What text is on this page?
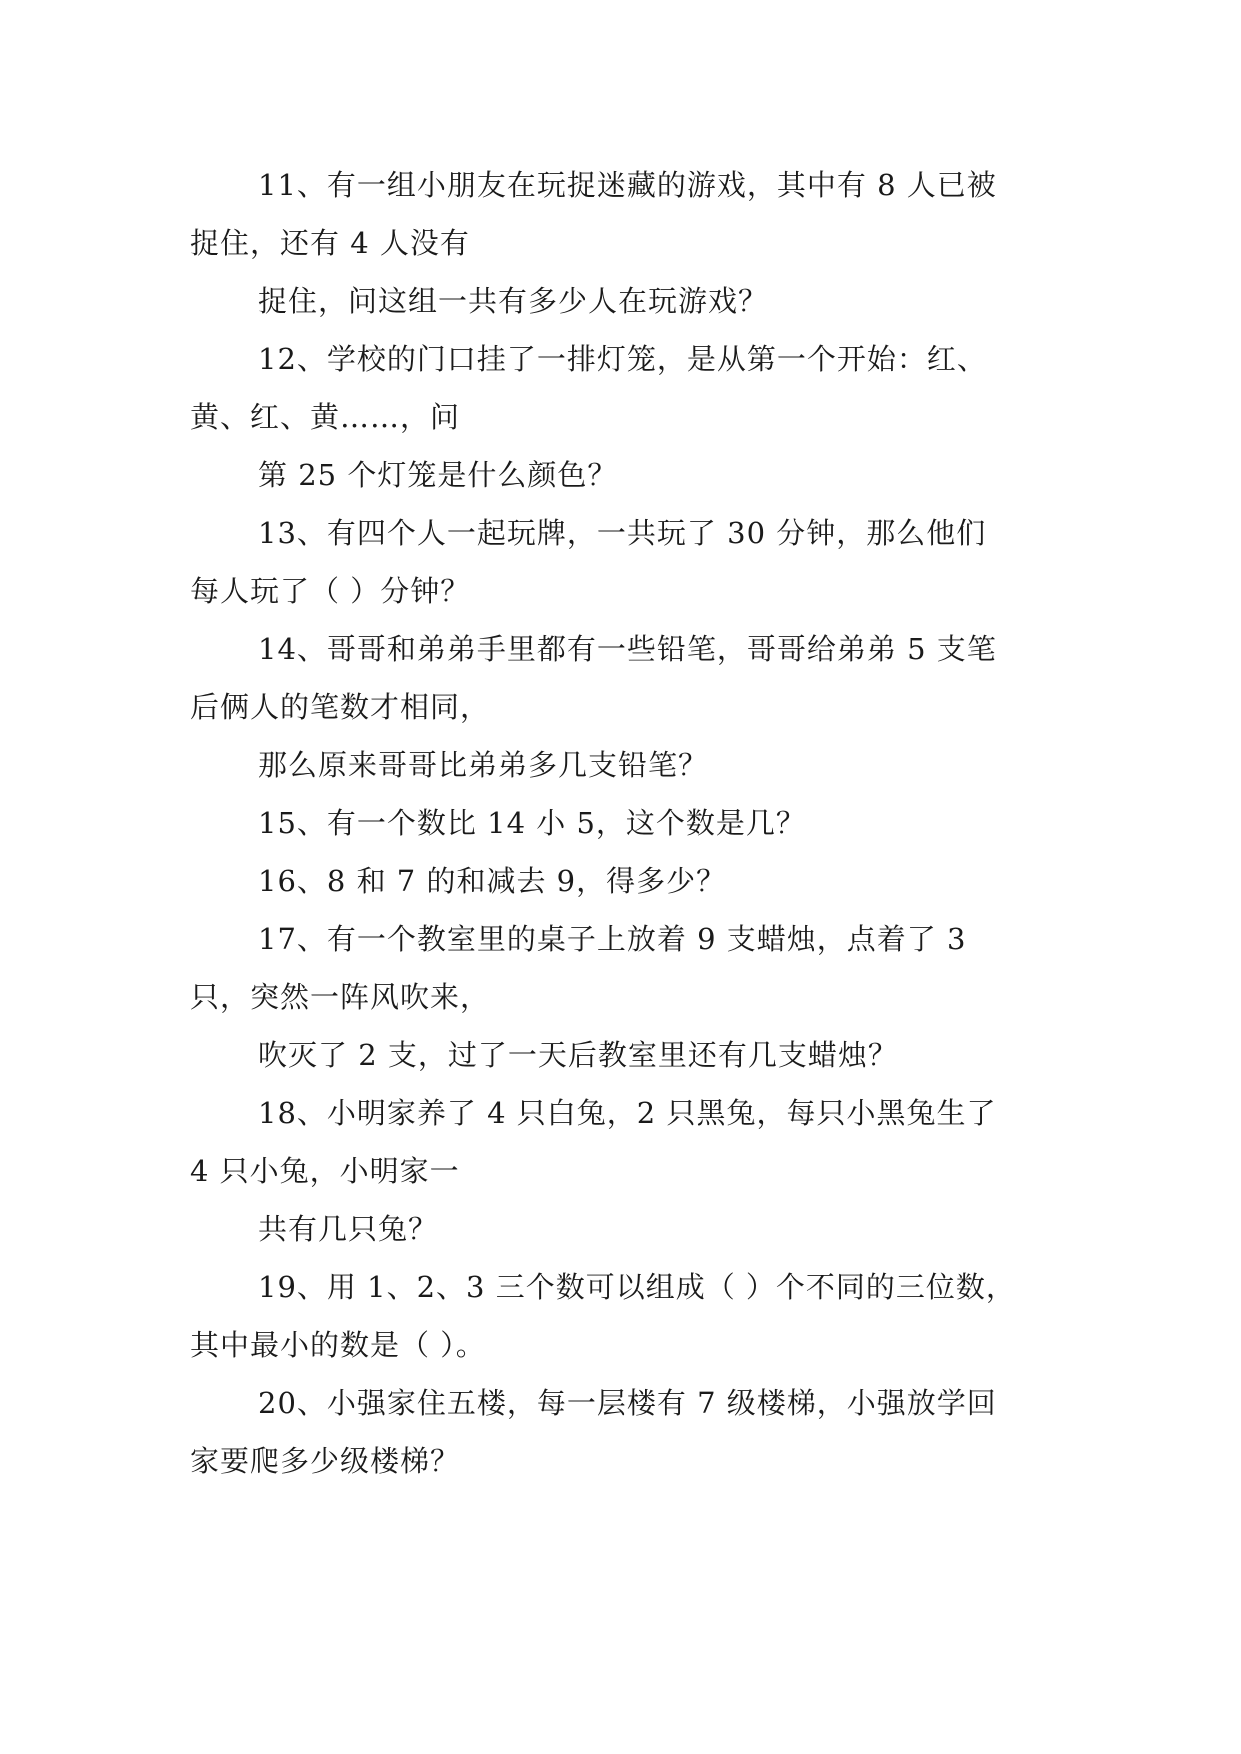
11、有一组小朋友在玩捉迷藏的游戏，其中有 8 人已被
捉住，还有 4 人没有
捉住，问这组一共有多少人在玩游戏？
12、学校的门口挂了一排灯笼，是从第一个开始：红、
黄、红、黄……，问
第 25 个灯笼是什么颜色？
13、有四个人一起玩牌，一共玩了 30 分钟，那么他们
每人玩了（ ）分钟？
14、哥哥和弟弟手里都有一些铅笔，哥哥给弟弟 5 支笔
后俩人的笔数才相同，
那么原来哥哥比弟弟多几支铅笔？
15、有一个数比 14 小 5，这个数是几？
16、8 和 7 的和减去 9，得多少？
17、有一个教室里的桌子上放着 9 支蜡烛，点着了 3
只，突然一阵风吹来，
吹灭了 2 支，过了一天后教室里还有几支蜡烛？
18、小明家养了 4 只白兔，2 只黑兔，每只小黑兔生了
4 只小兔，小明家一
共有几只兔？
19、用 1、2、3 三个数可以组成（ ）个不同的三位数，
其中最小的数是（ ）。
20、小强家住五楼，每一层楼有 7 级楼梯，小强放学回
家要爬多少级楼梯？
